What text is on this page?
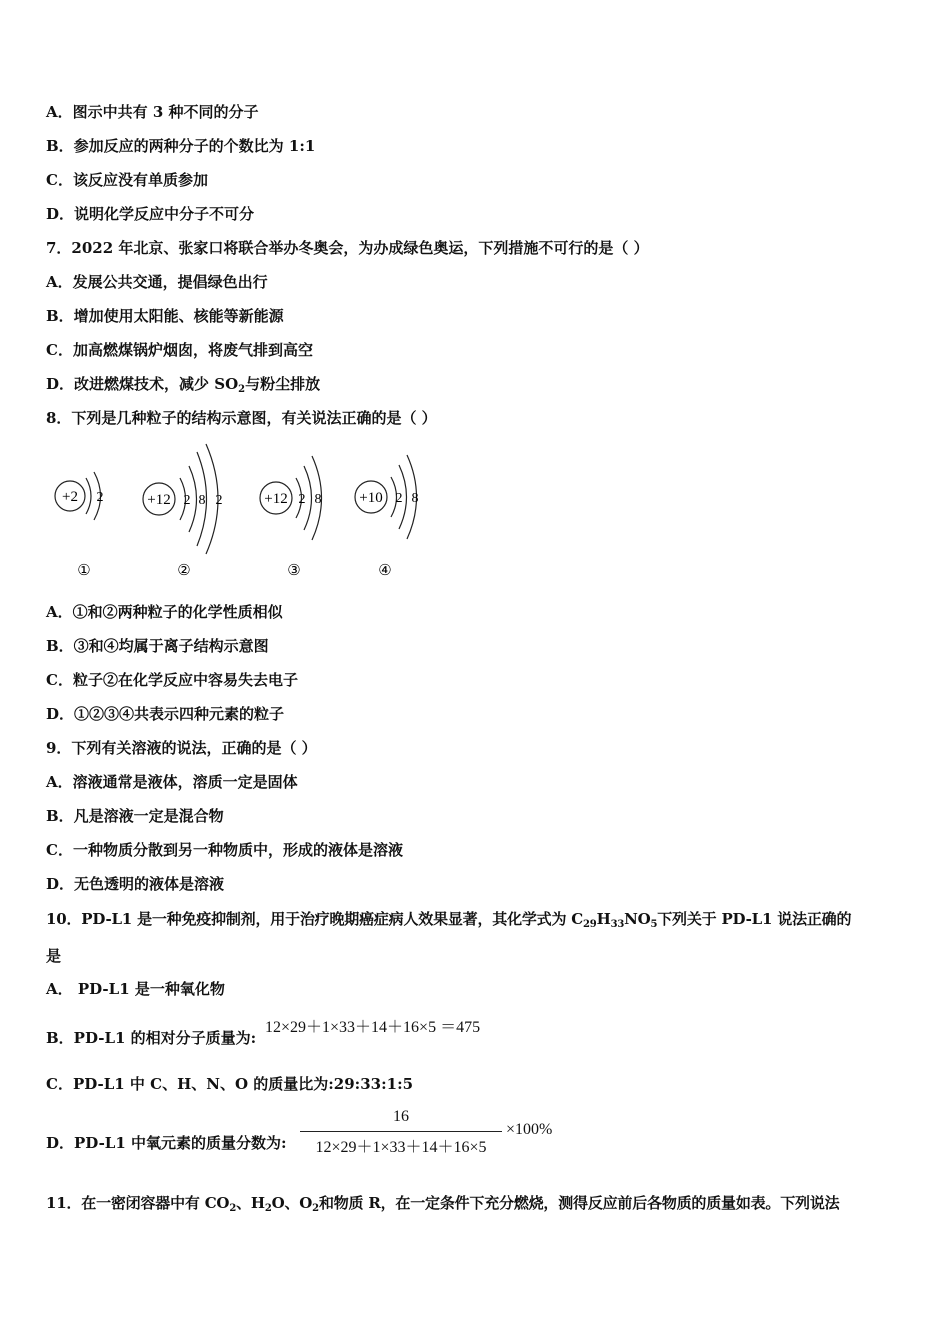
A．图示中共有 3 种不同的分子
B．参加反应的两种分子的个数比为 1:1
C．该反应没有单质参加
D．说明化学反应中分子不可分
7．2022 年北京、张家口将联合举办冬奥会，为办成绿色奥运，下列措施不可行的是（ ）
A．发展公共交通，提倡绿色出行
B．增加使用太阳能、核能等新能源
C．加高燃煤锅炉烟囱，将废气排到高空
D．改进燃煤技术，减少 $SO_2$与粉尘排放
8．下列是几种粒子的结构示意图，有关说法正确的是（ ）
+2 2
①
+12 2 8 2
②
+12 2 8
③
+10 2 8
④
A．①和②两种粒子的化学性质相似
B．③和④均属于离子结构示意图
C．粒子②在化学反应中容易失去电子
D．①②③④共表示四种元素的粒子
9．下列有关溶液的说法，正确的是（ ）
A．溶液通常是液体，溶质一定是固体
B．凡是溶液一定是混合物
C．一种物质分散到另一种物质中，形成的液体是溶液
D．无色透明的液体是溶液
10．PD-L1 是一种免疫抑制剂，用于治疗晚期癌症病人效果显著，其化学式为 $C_{29}H_{33}NO_5$下列关于 PD-L1 说法正确的
是
A． PD-L1 是一种氧化物
B．PD-L1 的相对分子质量为:
12×29＋1×33＋14＋16×5 ＝475
C．PD-L1 中 C、H、N、O 的质量比为:29:33:1:5
D．PD-L1 中氧元素的质量分数为:
16
12×29＋1×33＋14＋16×5
×100%
11．在一密闭容器中有 $CO_2$、$H_2O$、$O_2$和物质 R，在一定条件下充分燃烧，测得反应前后各物质的质量如表。下列说法
